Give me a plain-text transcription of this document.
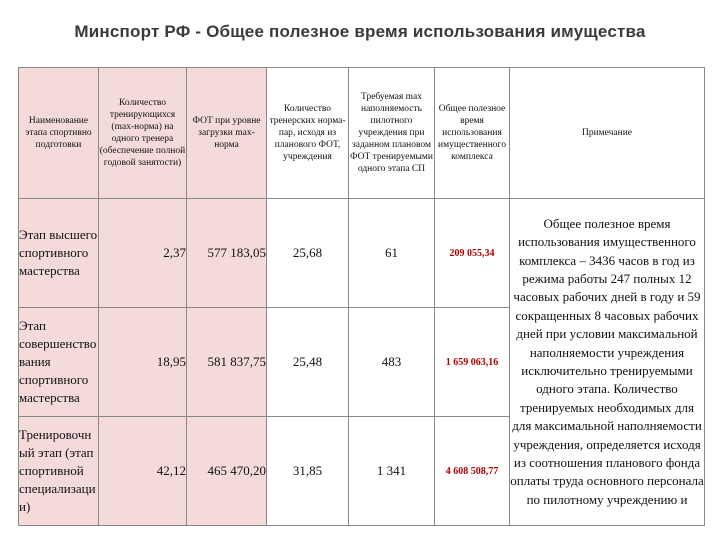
Минспорт РФ - Общее полезное время использования имущества
Наименование этапа спортивно подготовки	Количество тренирующихся (max-норма) на одного тренера (обеспечение полной годовой занятости)	ФОТ при уровне загрузки max-норма	Количество тренерских норма-пар, исходя из планового ФОТ, учреждения	Требуемая max наполняемость пилотного учреждения при заданном плановом ФОТ тренируемыми одного этапа СП	Общее полезное время использования имущественного комплекса	Примечание
Этап высшего спортивного мастерства	2,37	577 183,05	25,68	61	209 055,34	Общее полезное время использования имущественного комплекса – 3436 часов в год из режима работы 247 полных 12 часовых рабочих дней в году и 59 сокращенных 8 часовых рабочих дней при условии максимальной наполняемости учреждения исключительно тренируемыми одного этапа. Количество тренируемых необходимых для для максимальной наполняемости учреждения, определяется исходя из соотношения планового фонда оплаты труда основного персонала по пилотному учреждению и
Этап совершенствования спортивного мастерства	18,95	581 837,75	25,48	483	1 659 063,16	
Тренировочный этап (этап спортивной специализации)	42,12	465 470,20	31,85	1 341	4 608 508,77	
